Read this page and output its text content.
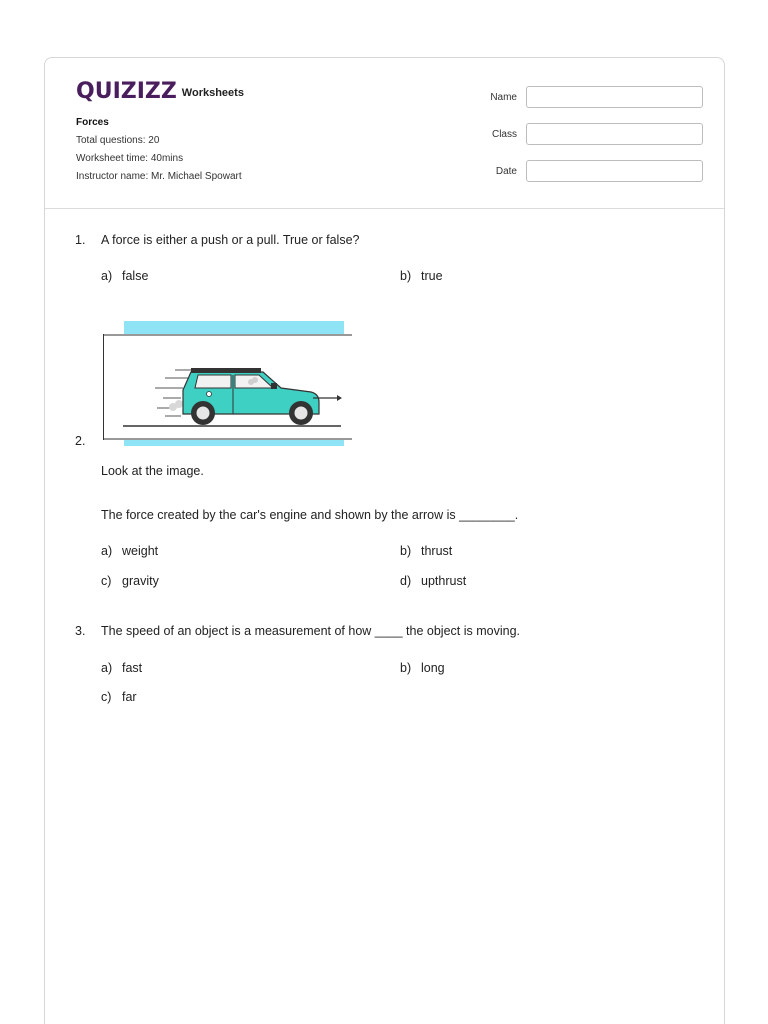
QUIZIZZ Worksheets
Forces
Total questions: 20
Worksheet time: 40mins
Instructor name: Mr. Michael Spowart
Name
Class
Date
1. A force is either a push or a pull. True or false?
a) false	b) true
2.
Look at the image.
The force created by the car's engine and shown by the arrow is ________.
a) weight	b) thrust
c) gravity	d) upthrust
3. The speed of an object is a measurement of how ____ the object is moving.
a) fast	b) long
c) far
